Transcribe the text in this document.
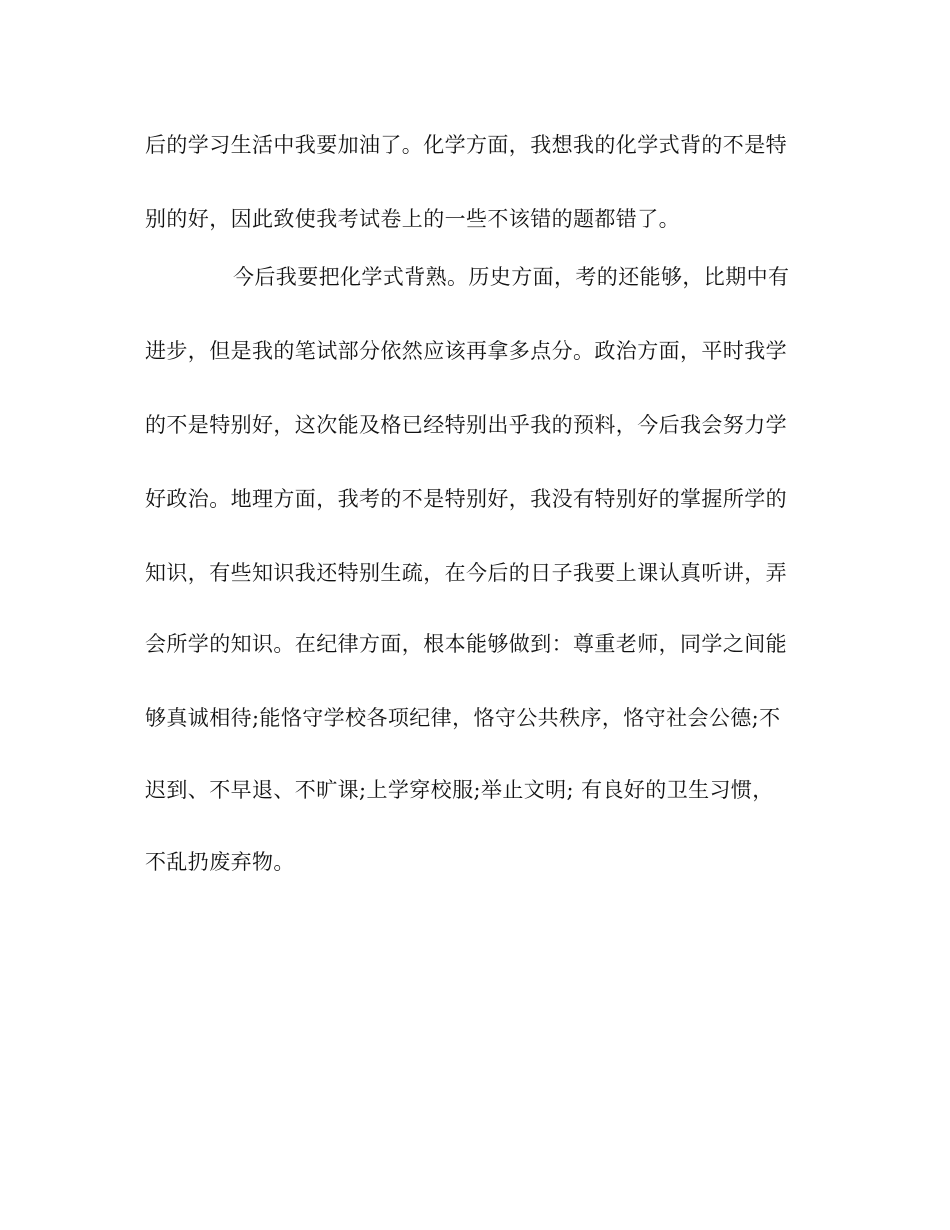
后的学习生活中我要加油了。化学方面，我想我的化学式背的不是特
别的好，因此致使我考试卷上的一些不该错的题都错了。
今后我要把化学式背熟。历史方面，考的还能够，比期中有
进步，但是我的笔试部分依然应该再拿多点分。政治方面，平时我学
的不是特别好，这次能及格已经特别出乎我的预料，今后我会努力学
好政治。地理方面，我考的不是特别好，我没有特别好的掌握所学的
知识，有些知识我还特别生疏，在今后的日子我要上课认真听讲，弄
会所学的知识。在纪律方面，根本能够做到：尊重老师，同学之间能
够真诚相待;能恪守学校各项纪律，恪守公共秩序，恪守社会公德;不
迟到、不早退、不旷课;上学穿校服;举止文明; 有良好的卫生习惯，
不乱扔废弃物。
